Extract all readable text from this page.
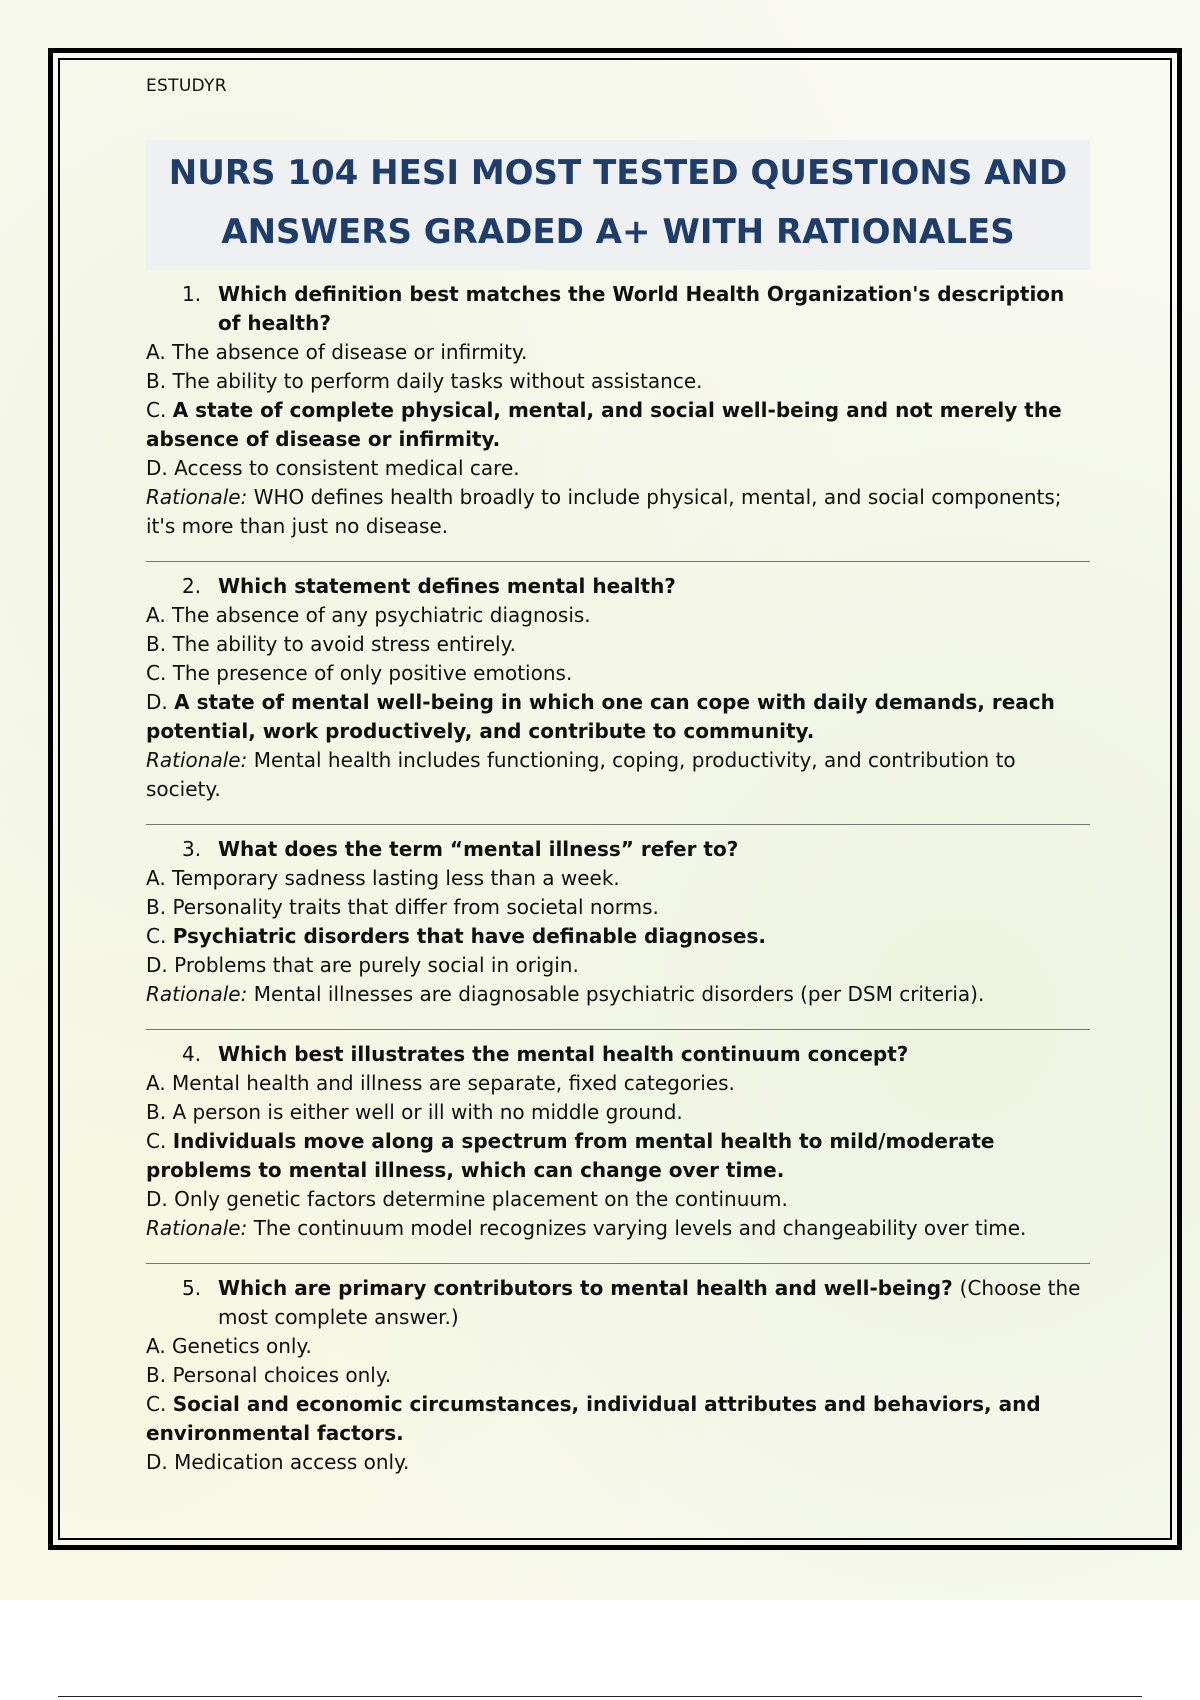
ESTUDYR
NURS 104 HESI MOST TESTED QUESTIONS AND
ANSWERS GRADED A+ WITH RATIONALES
1. Which definition best matches the World Health Organization's description of health?
A. The absence of disease or infirmity.
B. The ability to perform daily tasks without assistance.
C. A state of complete physical, mental, and social well-being and not merely the absence of disease or infirmity.
D. Access to consistent medical care.
Rationale: WHO defines health broadly to include physical, mental, and social components; it's more than just no disease.
2. Which statement defines mental health?
A. The absence of any psychiatric diagnosis.
B. The ability to avoid stress entirely.
C. The presence of only positive emotions.
D. A state of mental well-being in which one can cope with daily demands, reach potential, work productively, and contribute to community.
Rationale: Mental health includes functioning, coping, productivity, and contribution to society.
3. What does the term “mental illness” refer to?
A. Temporary sadness lasting less than a week.
B. Personality traits that differ from societal norms.
C. Psychiatric disorders that have definable diagnoses.
D. Problems that are purely social in origin.
Rationale: Mental illnesses are diagnosable psychiatric disorders (per DSM criteria).
4. Which best illustrates the mental health continuum concept?
A. Mental health and illness are separate, fixed categories.
B. A person is either well or ill with no middle ground.
C. Individuals move along a spectrum from mental health to mild/moderate problems to mental illness, which can change over time.
D. Only genetic factors determine placement on the continuum.
Rationale: The continuum model recognizes varying levels and changeability over time.
5. Which are primary contributors to mental health and well-being? (Choose the most complete answer.)
A. Genetics only.
B. Personal choices only.
C. Social and economic circumstances, individual attributes and behaviors, and environmental factors.
D. Medication access only.
